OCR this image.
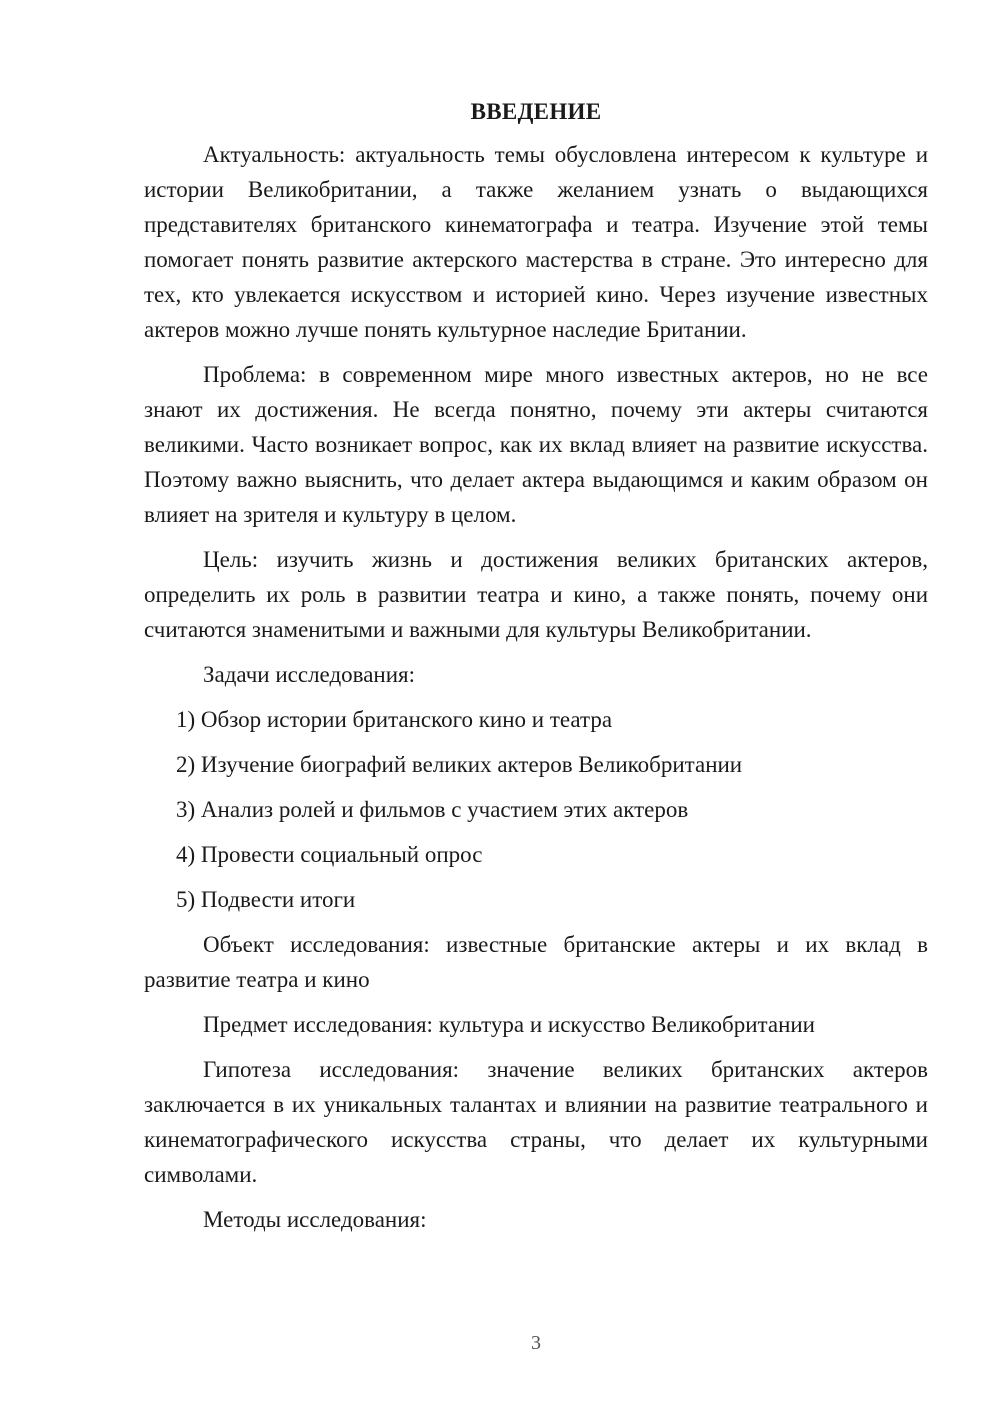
ВВЕДЕНИЕ

Актуальность: актуальность темы обусловлена интересом к культуре и истории Великобритании, а также желанием узнать о выдающихся представителях британского кинематографа и театра. Изучение этой темы помогает понять развитие актерского мастерства в стране. Это интересно для тех, кто увлекается искусством и историей кино. Через изучение известных актеров можно лучше понять культурное наследие Британии.

Проблема: в современном мире много известных актеров, но не все знают их достижения. Не всегда понятно, почему эти актеры считаются великими. Часто возникает вопрос, как их вклад влияет на развитие искусства. Поэтому важно выяснить, что делает актера выдающимся и каким образом он влияет на зрителя и культуру в целом.

Цель: изучить жизнь и достижения великих британских актеров, определить их роль в развитии театра и кино, а также понять, почему они считаются знаменитыми и важными для культуры Великобритании.

Задачи исследования:

1) Обзор истории британского кино и театра
2) Изучение биографий великих актеров Великобритании
3) Анализ ролей и фильмов с участием этих актеров
4) Провести социальный опрос
5) Подвести итоги

Объект исследования: известные британские актеры и их вклад в развитие театра и кино

Предмет исследования: культура и искусство Великобритании

Гипотеза исследования: значение великих британских актеров заключается в их уникальных талантах и влиянии на развитие театрального и кинематографического искусства страны, что делает их культурными символами.

Методы исследования:

3
